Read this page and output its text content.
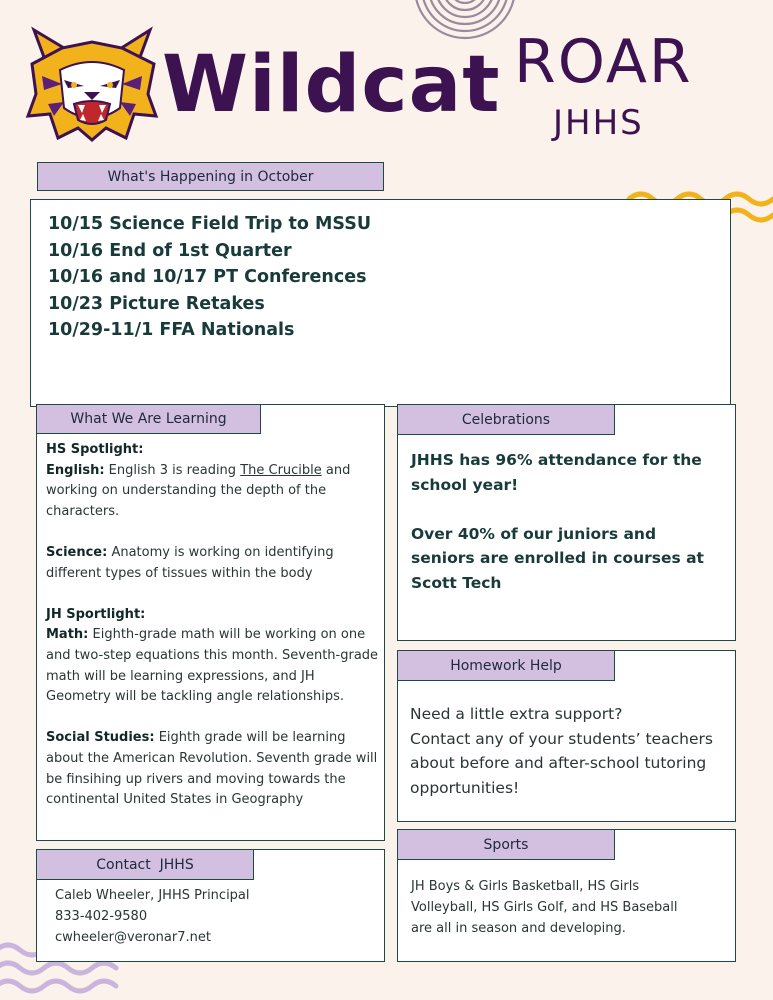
Wildcat ROAR
JHHS
What's Happening in October
10/15 Science Field Trip to MSSU
10/16 End of 1st Quarter
10/16 and 10/17 PT Conferences
10/23 Picture Retakes
10/29-11/1 FFA Nationals
What We Are Learning
HS Spotlight:
English: English 3 is reading The Crucible and working on understanding the depth of the characters.
Science: Anatomy is working on identifying different types of tissues within the body
JH Sportlight:
Math: Eighth-grade math will be working on one and two-step equations this month. Seventh-grade math will be learning expressions, and JH Geometry will be tackling angle relationships.
Social Studies: Eighth grade will be learning about the American Revolution. Seventh grade will be finsihing up rivers and moving towards the continental United States in Geography
Celebrations
JHHS has 96% attendance for the school year!
Over 40% of our juniors and seniors are enrolled in courses at Scott Tech
Homework Help
Need a little extra support?
Contact any of your students’ teachers about before and after-school tutoring opportunities!
Contact  JHHS
Caleb Wheeler, JHHS Principal
833-402-9580
cwheeler@veronar7.net
Sports
JH Boys & Girls Basketball, HS Girls Volleyball, HS Girls Golf, and HS Baseball are all in season and developing.
